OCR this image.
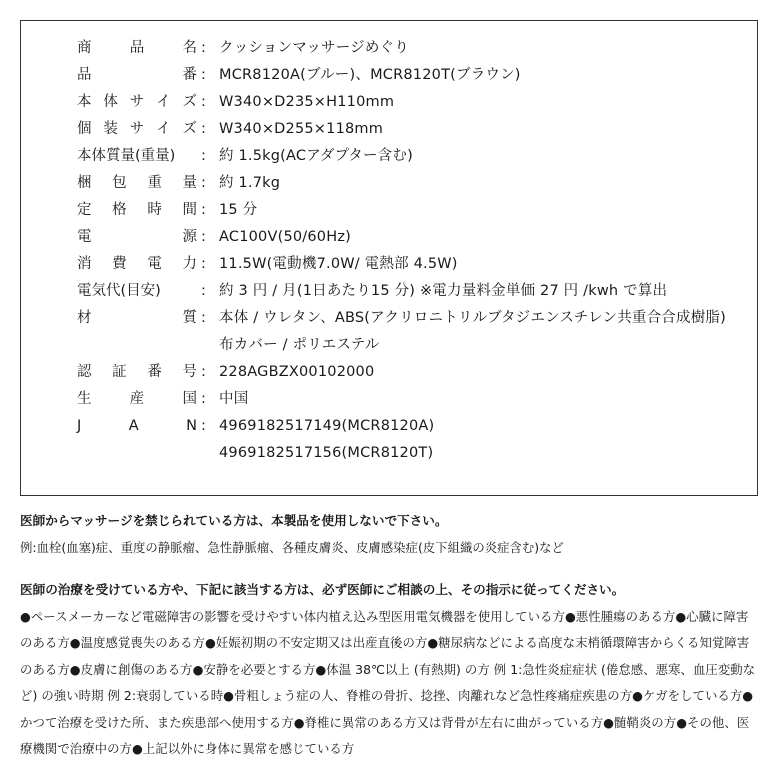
商	品	名 : クッションマッサージめぐり
品	番 : MCR8120A(ブルー)、MCR8120T(ブラウン)
本 体 サ イ ズ : W340×D235×H110mm
個 装 サ イ ズ : W340×D255×118mm
本 体 質 量 ( 重 量 ) : 約 1.5kg(ACアダプター含む)
梱 包 重 量 : 約 1.7kg
定 格 時 間 : 15 分
電	源 : AC100V(50/60Hz)
消 費 電 力 : 11.5W(電動機7.0W/ 電熱部 4.5W)
電 気 代 ( 目 安 )	: 約 3 円 / 月(1日あたり15 分) ※電力量料金単価 27 円 /kwh で算出
材	質 : 本体 / ウレタン、ABS(アクリロニトリルブタジエンスチレン共重合合成樹脂)
布カバー / ポリエステル
認 証 番 号 : 228AGBZX00102000
生	産	国 : 中国
J	A	N : 4969182517149(MCR8120A)
4969182517156(MCR8120T)
医師からマッサージを禁じられている方は、本製品を使用しないで下さい。
例:血栓(血塞)症、重度の静脈瘤、急性静脈瘤、各種皮膚炎、皮膚感染症(皮下組織の炎症含む)など
医師の治療を受けている方や、下記に該当する方は、必ず医師にご相談の上、その指示に従ってください。
●ペースメーカーなど電磁障害の影響を受けやすい体内植え込み型医用電気機器を使用している方●悪性腫瘍のある方●心臓に障害のある方●温度感覚喪失のある方●妊娠初期の不安定期又は出産直後の方●糖尿病などによる高度な末梢循環障害からくる知覚障害のある方●皮膚に創傷のある方●安静を必要とする方●体温 38℃以上 (有熱期) の方 例 1:急性炎症症状 (倦怠感、悪寒、血圧変動など) の強い時期 例 2:衰弱している時●骨粗しょう症の人、脊椎の骨折、捻挫、肉離れなど急性疼痛症疾患の方●ケガをしている方●かつて治療を受けた所、また疾患部へ使用する方●脊椎に異常のある方又は背骨が左右に曲がっている方●髄鞘炎の方●その他、医療機関で治療中の方●上記以外に身体に異常を感じている方
